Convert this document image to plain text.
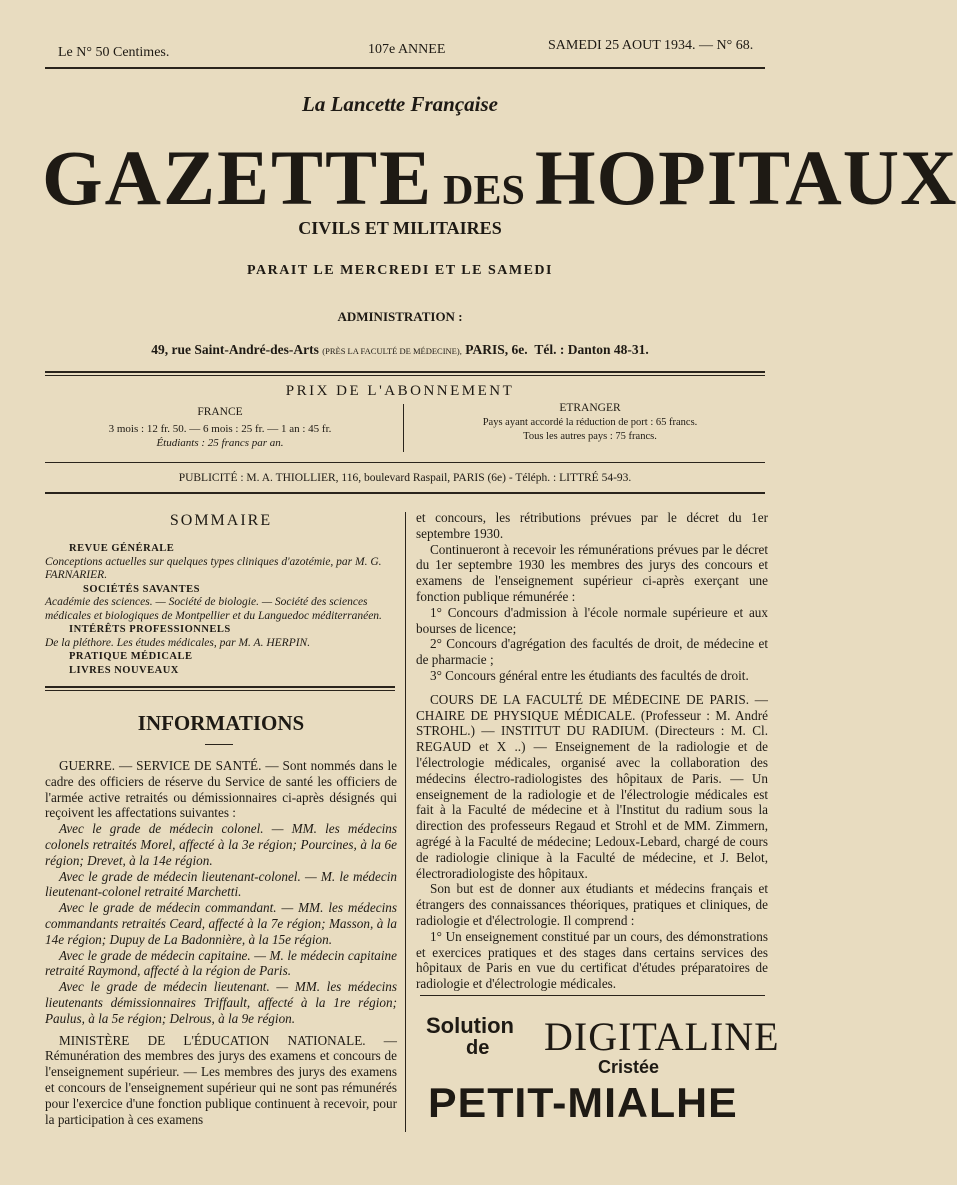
Le N° 50 Centimes.	107e ANNEE	SAMEDI 25 AOUT 1934. — N° 68.
La Lancette Française
GAZETTE DES HOPITAUX
CIVILS ET MILITAIRES
PARAIT LE MERCREDI ET LE SAMEDI
ADMINISTRATION :
49, rue Saint-André-des-Arts (PRÈS LA FACULTÉ DE MÉDECINE), PARIS, 6e. Tél. : Danton 48-31.
PRIX DE L'ABONNEMENT
FRANCE
3 mois : 12 fr. 50. — 6 mois : 25 fr. — 1 an : 45 fr.
Étudiants : 25 francs par an.
ETRANGER
Pays ayant accordé la réduction de port : 65 francs.
Tous les autres pays : 75 francs.
PUBLICITÉ : M. A. THIOLLIER, 116, boulevard Raspail, PARIS (6e) - Téléph. : LITTRÉ 54-93.
SOMMAIRE
REVUE GÉNÉRALE
Conceptions actuelles sur quelques types cliniques d'azotémie, par M. G. FARNARIER.
SOCIÉTÉS SAVANTES
Académie des sciences. — Société de biologie. — Société des sciences médicales et biologiques de Montpellier et du Languedoc méditerranéen.
INTÉRÊTS PROFESSIONNELS
De la pléthore. Les études médicales, par M. A. HERPIN.
PRATIQUE MÉDICALE
LIVRES NOUVEAUX
INFORMATIONS

GUERRE. — SERVICE DE SANTÉ. — Sont nommés dans le cadre des officiers de réserve du Service de santé les officiers de l'armée active retraités ou démissionnaires ci-après désignés qui reçoivent les affectations suivantes :

Avec le grade de médecin colonel. — MM. les médecins colonels retraités Morel, affecté à la 3e région; Pourcines, à la 6e région; Drevet, à la 14e région.

Avec le grade de médecin lieutenant-colonel. — M. le médecin lieutenant-colonel retraité Marchetti.

Avec le grade de médecin commandant. — MM. les médecins commandants retraités Ceard, affecté à la 7e région; Masson, à la 14e région; Dupuy de La Badonnière, à la 15e région.

Avec le grade de médecin capitaine. — M. le médecin capitaine retraité Raymond, affecté à la région de Paris.

Avec le grade de médecin lieutenant. — MM. les médecins lieutenants démissionnaires Triffault, affecté à la 1re région; Paulus, à la 5e région; Delrous, à la 9e région.

MINISTÈRE DE L'ÉDUCATION NATIONALE. — Rémunération des membres des jurys des examens et concours de l'enseignement supérieur. — Les membres des jurys des examens et concours de l'enseignement supérieur qui ne sont pas rémunérés pour l'exercice d'une fonction publique continuent à recevoir, pour la participation à ces examens

et concours, les rétributions prévues par le décret du 1er septembre 1930.

Continueront à recevoir les rémunérations prévues par le décret du 1er septembre 1930 les membres des jurys des concours et examens de l'enseignement supérieur ci-après exerçant une fonction publique rémunérée :

1° Concours d'admission à l'école normale supérieure et aux bourses de licence;

2° Concours d'agrégation des facultés de droit, de médecine et de pharmacie ;

3° Concours général entre les étudiants des facultés de droit.

COURS DE LA FACULTÉ DE MÉDECINE DE PARIS. — CHAIRE DE PHYSIQUE MÉDICALE. (Professeur : M. André STROHL.) — INSTITUT DU RADIUM. (Directeurs : M. Cl. REGAUD et X ..) — Enseignement de la radiologie et de l'électrologie médicales, organisé avec la collaboration des médecins électro-radiologistes des hôpitaux de Paris. — Un enseignement de la radiologie et de l'électrologie médicales est fait à la Faculté de médecine et à l'Institut du radium sous la direction des professeurs Regaud et Strohl et de MM. Zimmern, agrégé à la Faculté de médecine; Ledoux-Lebard, chargé de cours de radiologie clinique à la Faculté de médecine, et J. Belot, électroradiologiste des hôpitaux.

Son but est de donner aux étudiants et médecins français et étrangers des connaissances théoriques, pratiques et cliniques, de radiologie et d'électrologie. Il comprend :

1° Un enseignement constitué par un cours, des démonstrations et exercices pratiques et des stages dans certains services des hôpitaux de Paris en vue du certificat d'études préparatoires de radiologie et d'électrologie médicales.

Solution
de DIGITALINE
Cristée
PETIT-MIALHE
